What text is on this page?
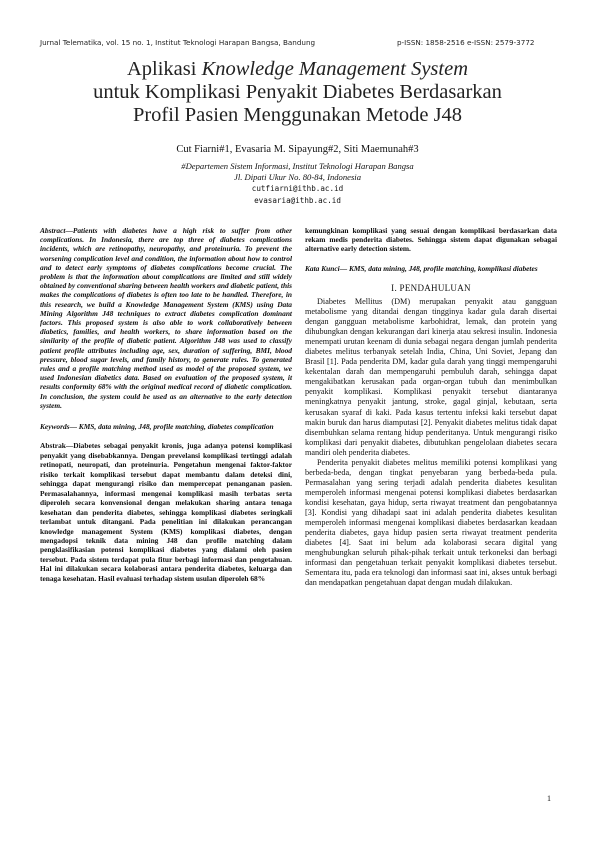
Jurnal Telematika, vol. 15 no. 1, Institut Teknologi Harapan Bangsa, Bandung	p-ISSN: 1858-2516 e-ISSN: 2579-3772
Aplikasi Knowledge Management System
untuk Komplikasi Penyakit Diabetes Berdasarkan
Profil Pasien Menggunakan Metode J48
Cut Fiarni#1, Evasaria M. Sipayung#2, Siti Maemunah#3
#Departemen Sistem Informasi, Institut Teknologi Harapan Bangsa
Jl. Dipati Ukur No. 80-84, Indonesia
cutfiarni@ithb.ac.id
evasaria@ithb.ac.id

Abstract—Patients with diabetes have a high risk to suffer from other complications. In Indonesia, there are top three of diabetes complications incidents, which are retinopathy, neuropathy, and proteinuria. To prevent the worsening complication level and condition, the information about how to control and to detect early symptoms of diabetes complications become crucial. The problem is that the information about complications are limited and still widely obtained by conventional sharing between health workers and diabetic patient, this makes the complications of diabetes is often too late to be handled. Therefore, in this research, we build a Knowledge Management System (KMS) using Data Mining Algorithm J48 techniques to extract diabetes complication dominant factors. This proposed system is also able to work collaboratively between diabetics, families, and health workers, to share information based on the similarity of the profile of diabetic patient. Algorithm J48 was used to classify patient profile attributes including age, sex, duration of suffering, BMI, blood pressure, blood sugar levels, and family history, to generate rules. To generated rules and a profile matching method used as model of the proposed system, we used Indonesian diabetics data. Based on evaluation of the proposed system, it results conformity 68% with the original medical record of diabetic complication. In conclusion, the system could be used as an alternative to the early detection system.

Keywords— KMS, data mining, J48, profile matching, diabetes complication

Abstrak—Diabetes sebagai penyakit kronis, juga adanya potensi komplikasi penyakit yang disebabkannya. Dengan prevelansi komplikasi tertinggi adalah retinopati, neuropati, dan proteinuria. Pengetahun mengenai faktor-faktor risiko terkait komplikasi tersebut dapat membantu dalam deteksi dini, sehingga dapat mengurangi risiko dan mempercepat penanganan pasien. Permasalahannya, informasi mengenai komplikasi masih terbatas serta diperoleh secara konvensional dengan melakukan sharing antara tenaga kesehatan dan penderita diabetes, sehingga komplikasi diabetes seringkali terlambat untuk ditangani. Pada penelitian ini dilakukan perancangan knowledge management System (KMS) komplikasi diabetes, dengan mengadopsi teknik data mining J48 dan profile matching dalam pengklasifikasian potensi komplikasi diabetes yang dialami oleh pasien tersebut. Pada sistem terdapat pula fitur berbagi informasi dan pengetahuan. Hal ini dilakukan secara kolaborasi antara penderita diabetes, keluarga dan tenaga kesehatan. Hasil evaluasi terhadap sistem usulan diperoleh 68%

kemungkinan komplikasi yang sesuai dengan komplikasi berdasarkan data rekam medis penderita diabetes. Sehingga sistem dapat digunakan sebagai alternative early detection sistem.

Kata Kunci— KMS, data mining, J48, profile matching, komplikasi diabetes

I. PENDAHULUAN

Diabetes Mellitus (DM) merupakan penyakit atau gangguan metabolisme yang ditandai dengan tingginya kadar gula darah disertai dengan gangguan metabolisme karbohidrat, lemak, dan protein yang dihubungkan dengan kekurangan dari kinerja atau sekresi insulin. Indonesia menempati urutan keenam di dunia sebagai negara dengan jumlah penderita diabetes melitus terbanyak setelah India, China, Uni Soviet, Jepang dan Brasil [1]. Pada penderita DM, kadar gula darah yang tinggi mempengaruhi kekentalan darah dan mempengaruhi pembuluh darah, sehingga dapat mengakibatkan kerusakan pada organ-organ tubuh dan menimbulkan penyakit komplikasi. Komplikasi penyakit tersebut diantaranya meningkatnya penyakit jantung, stroke, gagal ginjal, kebutaan, serta kerusakan syaraf di kaki. Pada kasus tertentu infeksi kaki tersebut dapat makin buruk dan harus diamputasi [2]. Penyakit diabetes melitus tidak dapat disembuhkan selama rentang hidup penderitanya. Untuk mengurangi risiko komplikasi dari penyakit diabetes, dibutuhkan pengelolaan diabetes secara mandiri oleh penderita diabetes.

Penderita penyakit diabetes melitus memiliki potensi komplikasi yang berbeda-beda, dengan tingkat penyebaran yang berbeda-beda pula. Permasalahan yang sering terjadi adalah penderita diabetes kesulitan memperoleh informasi mengenai potensi komplikasi diabetes berdasarkan kondisi kesehatan, gaya hidup, serta riwayat treatment dan pengobatannya [3]. Kondisi yang dihadapi saat ini adalah penderita diabetes kesulitan memperoleh informasi mengenai komplikasi diabetes berdasarkan keadaan penderita diabetes, gaya hidup pasien serta riwayat treatment penderita diabetes [4]. Saat ini belum ada kolaborasi secara digital yang menghubungkan seluruh pihak-pihak terkait untuk terkoneksi dan berbagi informasi dan pengetahuan terkait penyakit komplikasi diabetes tersebut. Sementara itu, pada era teknologi dan informasi saat ini, akses untuk berbagi dan mendapatkan pengetahuan dapat dengan mudah dilakukan.

1
